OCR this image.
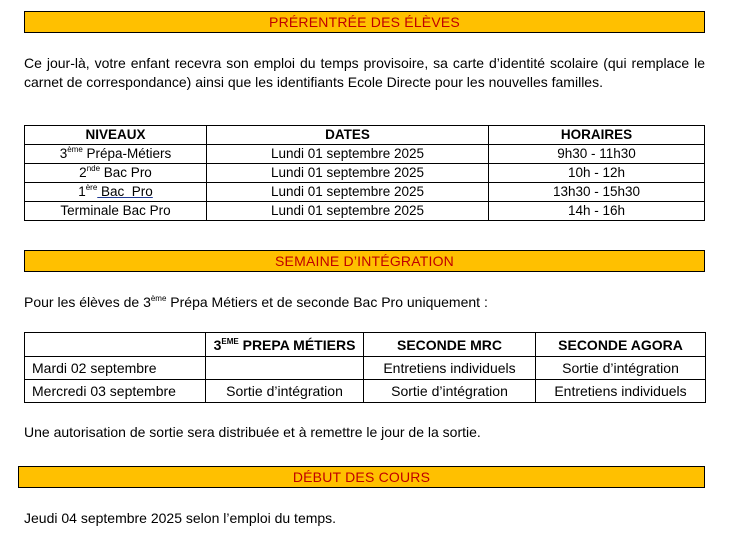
PRÉRENTRÉE DES ÉLÈVES
Ce jour-là, votre enfant recevra son emploi du temps provisoire, sa carte d’identité scolaire (qui remplace le carnet de correspondance) ainsi que les identifiants Ecole Directe pour les nouvelles familles.
NIVEAUX	DATES	HORAIRES
3ème Prépa-Métiers	Lundi 01 septembre 2025	9h30 - 11h30
2nde Bac Pro	Lundi 01 septembre 2025	10h - 12h
1ère Bac  Pro	Lundi 01 septembre 2025	13h30 - 15h30
Terminale Bac Pro	Lundi 01 septembre 2025	14h - 16h
SEMAINE D’INTÉGRATION
Pour les élèves de 3ème Prépa Métiers et de seconde Bac Pro uniquement :
	3EME PREPA MÉTIERS	SECONDE MRC	SECONDE AGORA
Mardi 02 septembre		Entretiens individuels	Sortie d’intégration
Mercredi 03 septembre	Sortie d’intégration	Sortie d’intégration	Entretiens individuels
Une autorisation de sortie sera distribuée et à remettre le jour de la sortie.
DÉBUT DES COURS
Jeudi 04 septembre 2025 selon l’emploi du temps.
